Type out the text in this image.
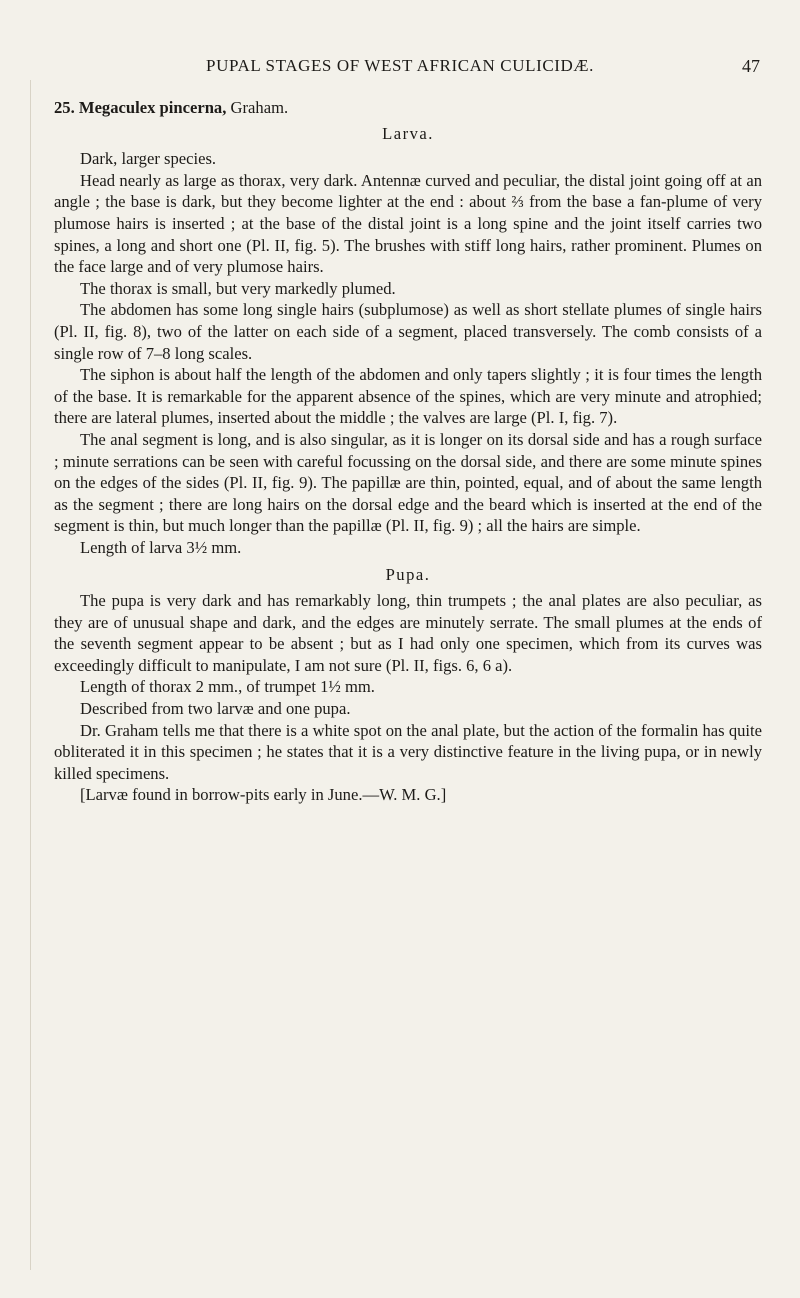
PUPAL STAGES OF WEST AFRICAN CULICIDÆ.	47

25. Megaculex pincerna, Graham.

Larva.

Dark, larger species.

Head nearly as large as thorax, very dark. Antennæ curved and peculiar, the distal joint going off at an angle ; the base is dark, but they become lighter at the end : about ⅔ from the base a fan-plume of very plumose hairs is inserted ; at the base of the distal joint is a long spine and the joint itself carries two spines, a long and short one (Pl. II, fig. 5). The brushes with stiff long hairs, rather prominent. Plumes on the face large and of very plumose hairs.

The thorax is small, but very markedly plumed.

The abdomen has some long single hairs (subplumose) as well as short stellate plumes of single hairs (Pl. II, fig. 8), two of the latter on each side of a segment, placed transversely. The comb consists of a single row of 7–8 long scales.

The siphon is about half the length of the abdomen and only tapers slightly ; it is four times the length of the base. It is remarkable for the apparent absence of the spines, which are very minute and atrophied; there are lateral plumes, inserted about the middle ; the valves are large (Pl. I, fig. 7).

The anal segment is long, and is also singular, as it is longer on its dorsal side and has a rough surface ; minute serrations can be seen with careful focussing on the dorsal side, and there are some minute spines on the edges of the sides (Pl. II, fig. 9). The papillæ are thin, pointed, equal, and of about the same length as the segment ; there are long hairs on the dorsal edge and the beard which is inserted at the end of the segment is thin, but much longer than the papillæ (Pl. II, fig. 9) ; all the hairs are simple.

Length of larva 3½ mm.

Pupa.

The pupa is very dark and has remarkably long, thin trumpets ; the anal plates are also peculiar, as they are of unusual shape and dark, and the edges are minutely serrate. The small plumes at the ends of the seventh segment appear to be absent ; but as I had only one specimen, which from its curves was exceedingly difficult to manipulate, I am not sure (Pl. II, figs. 6, 6 a).

Length of thorax 2 mm., of trumpet 1½ mm.

Described from two larvæ and one pupa.

Dr. Graham tells me that there is a white spot on the anal plate, but the action of the formalin has quite obliterated it in this specimen ; he states that it is a very distinctive feature in the living pupa, or in newly killed specimens.

[Larvæ found in borrow-pits early in June.—W. M. G.]
